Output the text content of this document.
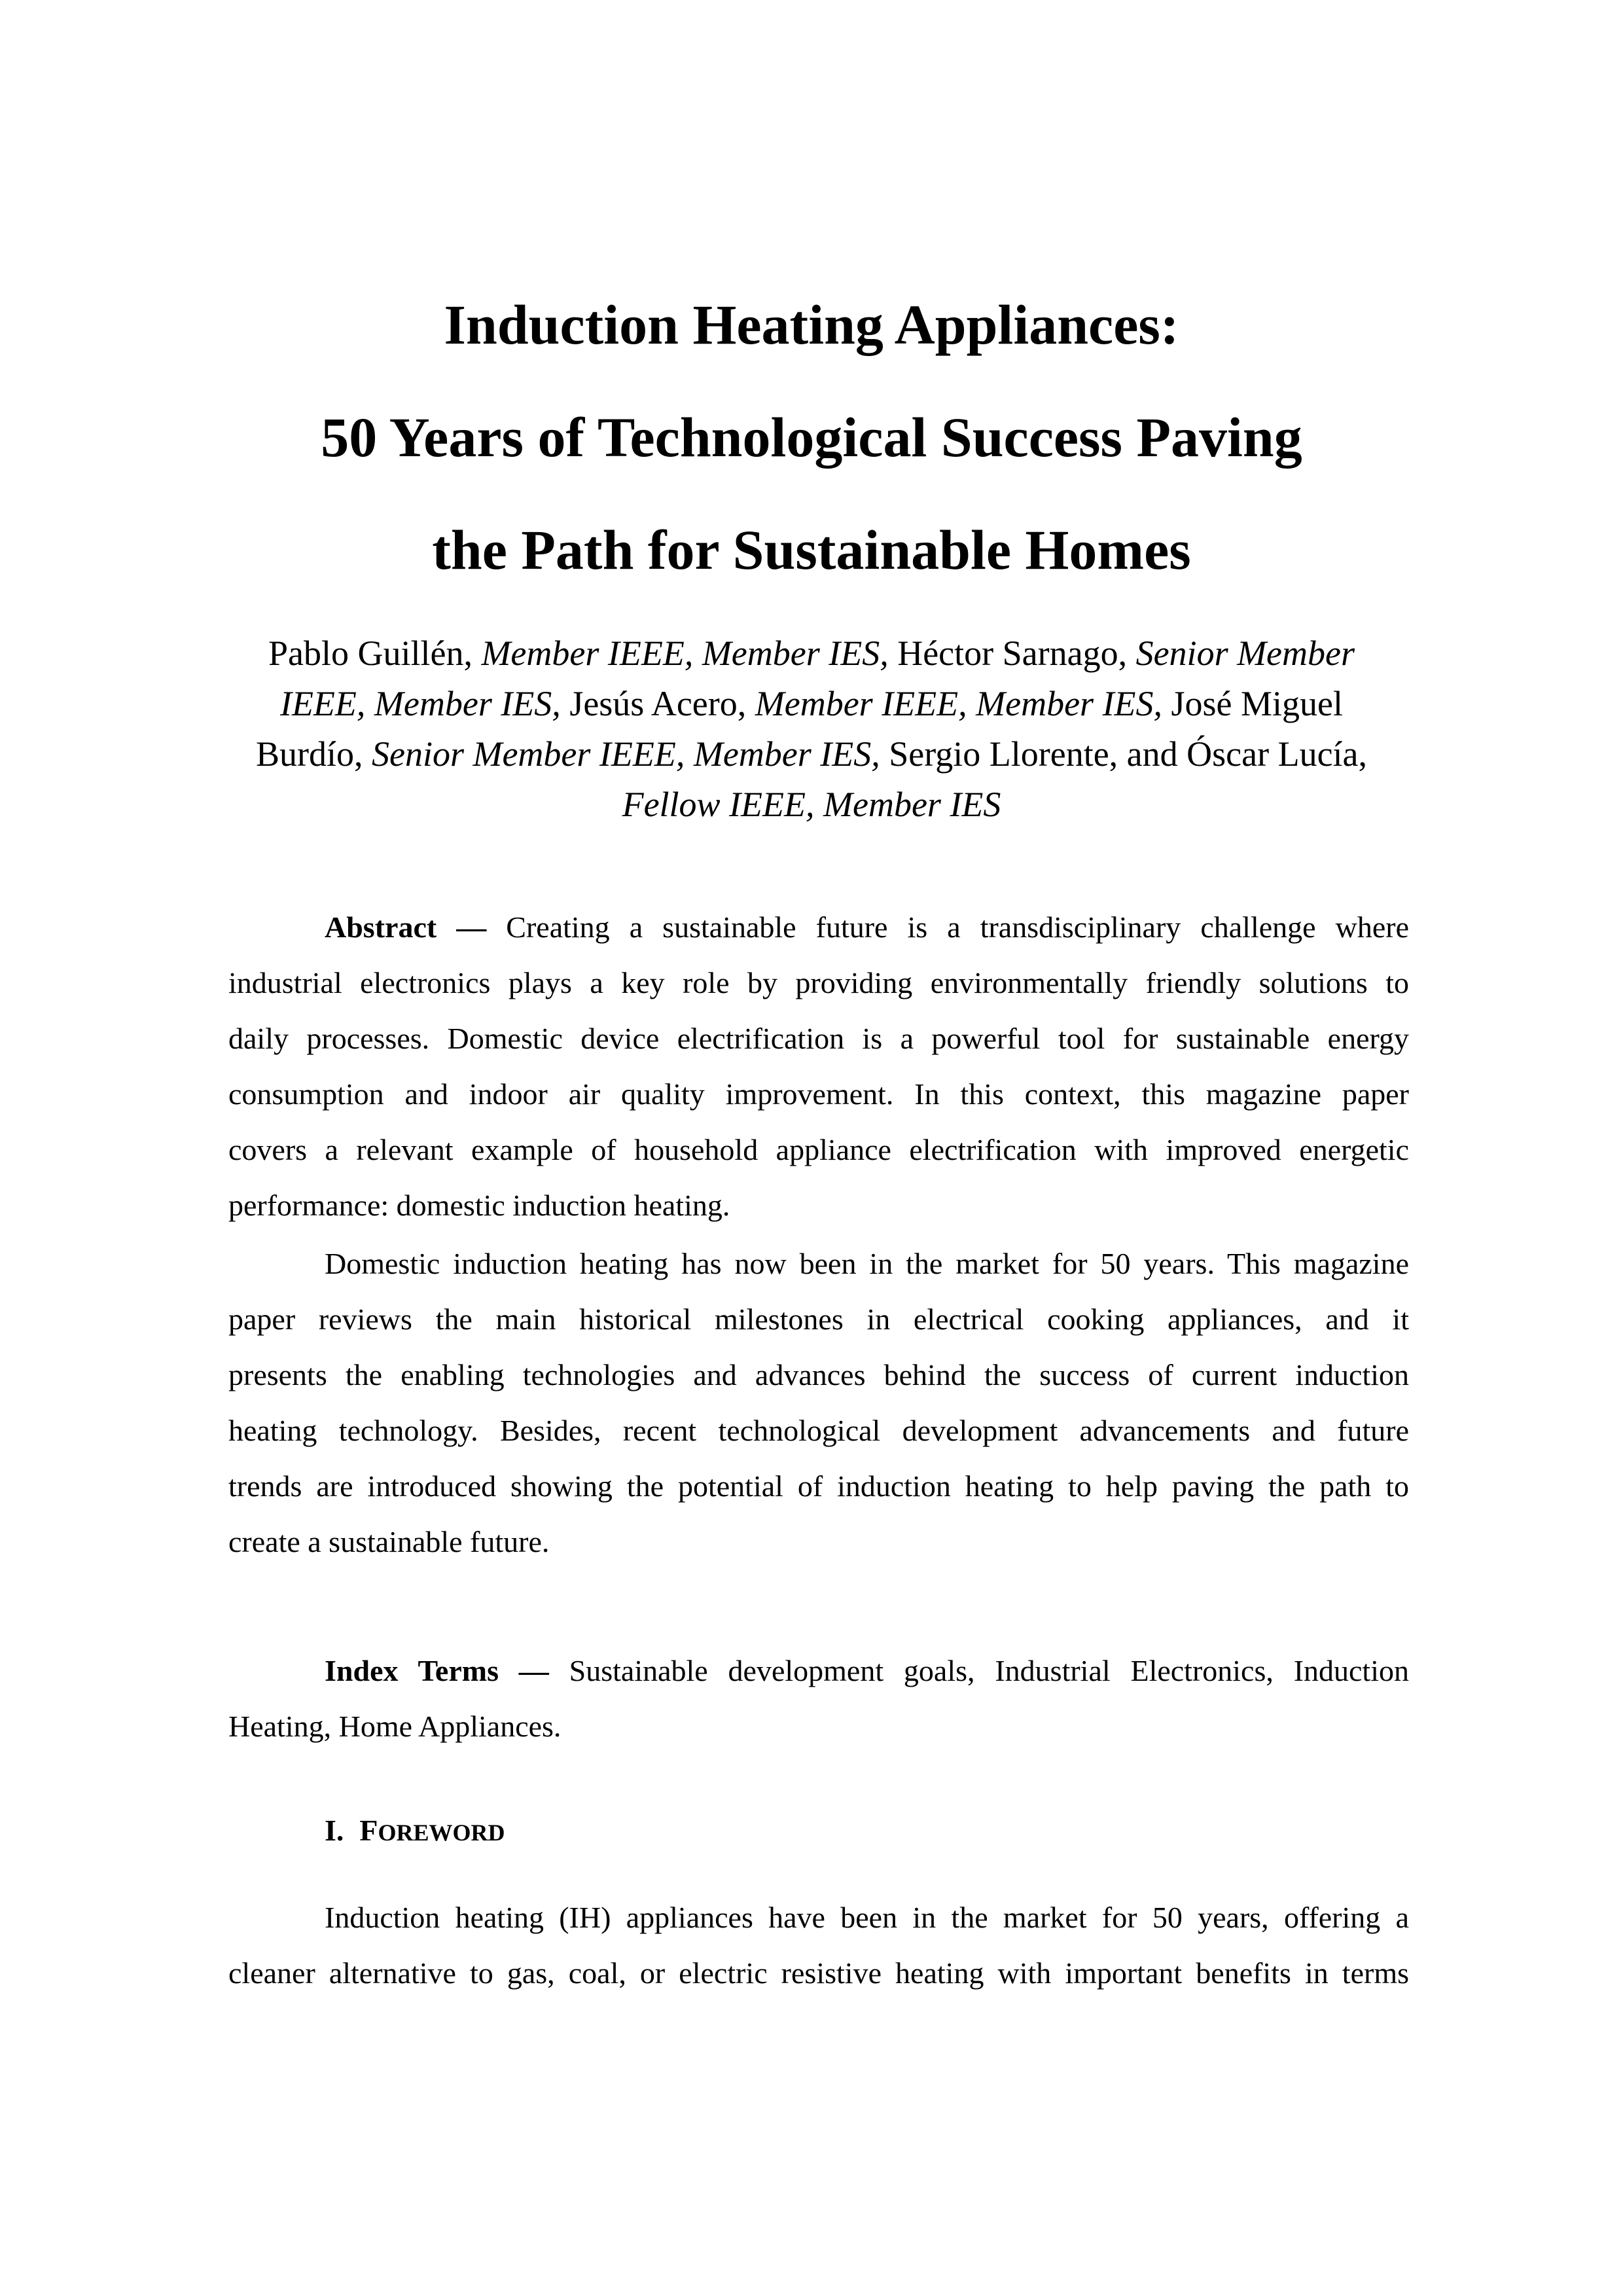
Induction Heating Appliances:
50 Years of Technological Success Paving
the Path for Sustainable Homes
Pablo Guillén, Member IEEE, Member IES, Héctor Sarnago, Senior Member
IEEE, Member IES, Jesús Acero, Member IEEE, Member IES, José Miguel
Burdío, Senior Member IEEE, Member IES, Sergio Llorente, and Óscar Lucía,
Fellow IEEE, Member IES
Abstract — Creating a sustainable future is a transdisciplinary challenge where
industrial electronics plays a key role by providing environmentally friendly solutions to
daily processes. Domestic device electrification is a powerful tool for sustainable energy
consumption and indoor air quality improvement. In this context, this magazine paper
covers a relevant example of household appliance electrification with improved energetic
performance: domestic induction heating.
Domestic induction heating has now been in the market for 50 years. This magazine
paper reviews the main historical milestones in electrical cooking appliances, and it
presents the enabling technologies and advances behind the success of current induction
heating technology. Besides, recent technological development advancements and future
trends are introduced showing the potential of induction heating to help paving the path to
create a sustainable future.
Index Terms — Sustainable development goals, Industrial Electronics, Induction
Heating, Home Appliances.
I. FOREWORD
Induction heating (IH) appliances have been in the market for 50 years, offering a
cleaner alternative to gas, coal, or electric resistive heating with important benefits in terms
